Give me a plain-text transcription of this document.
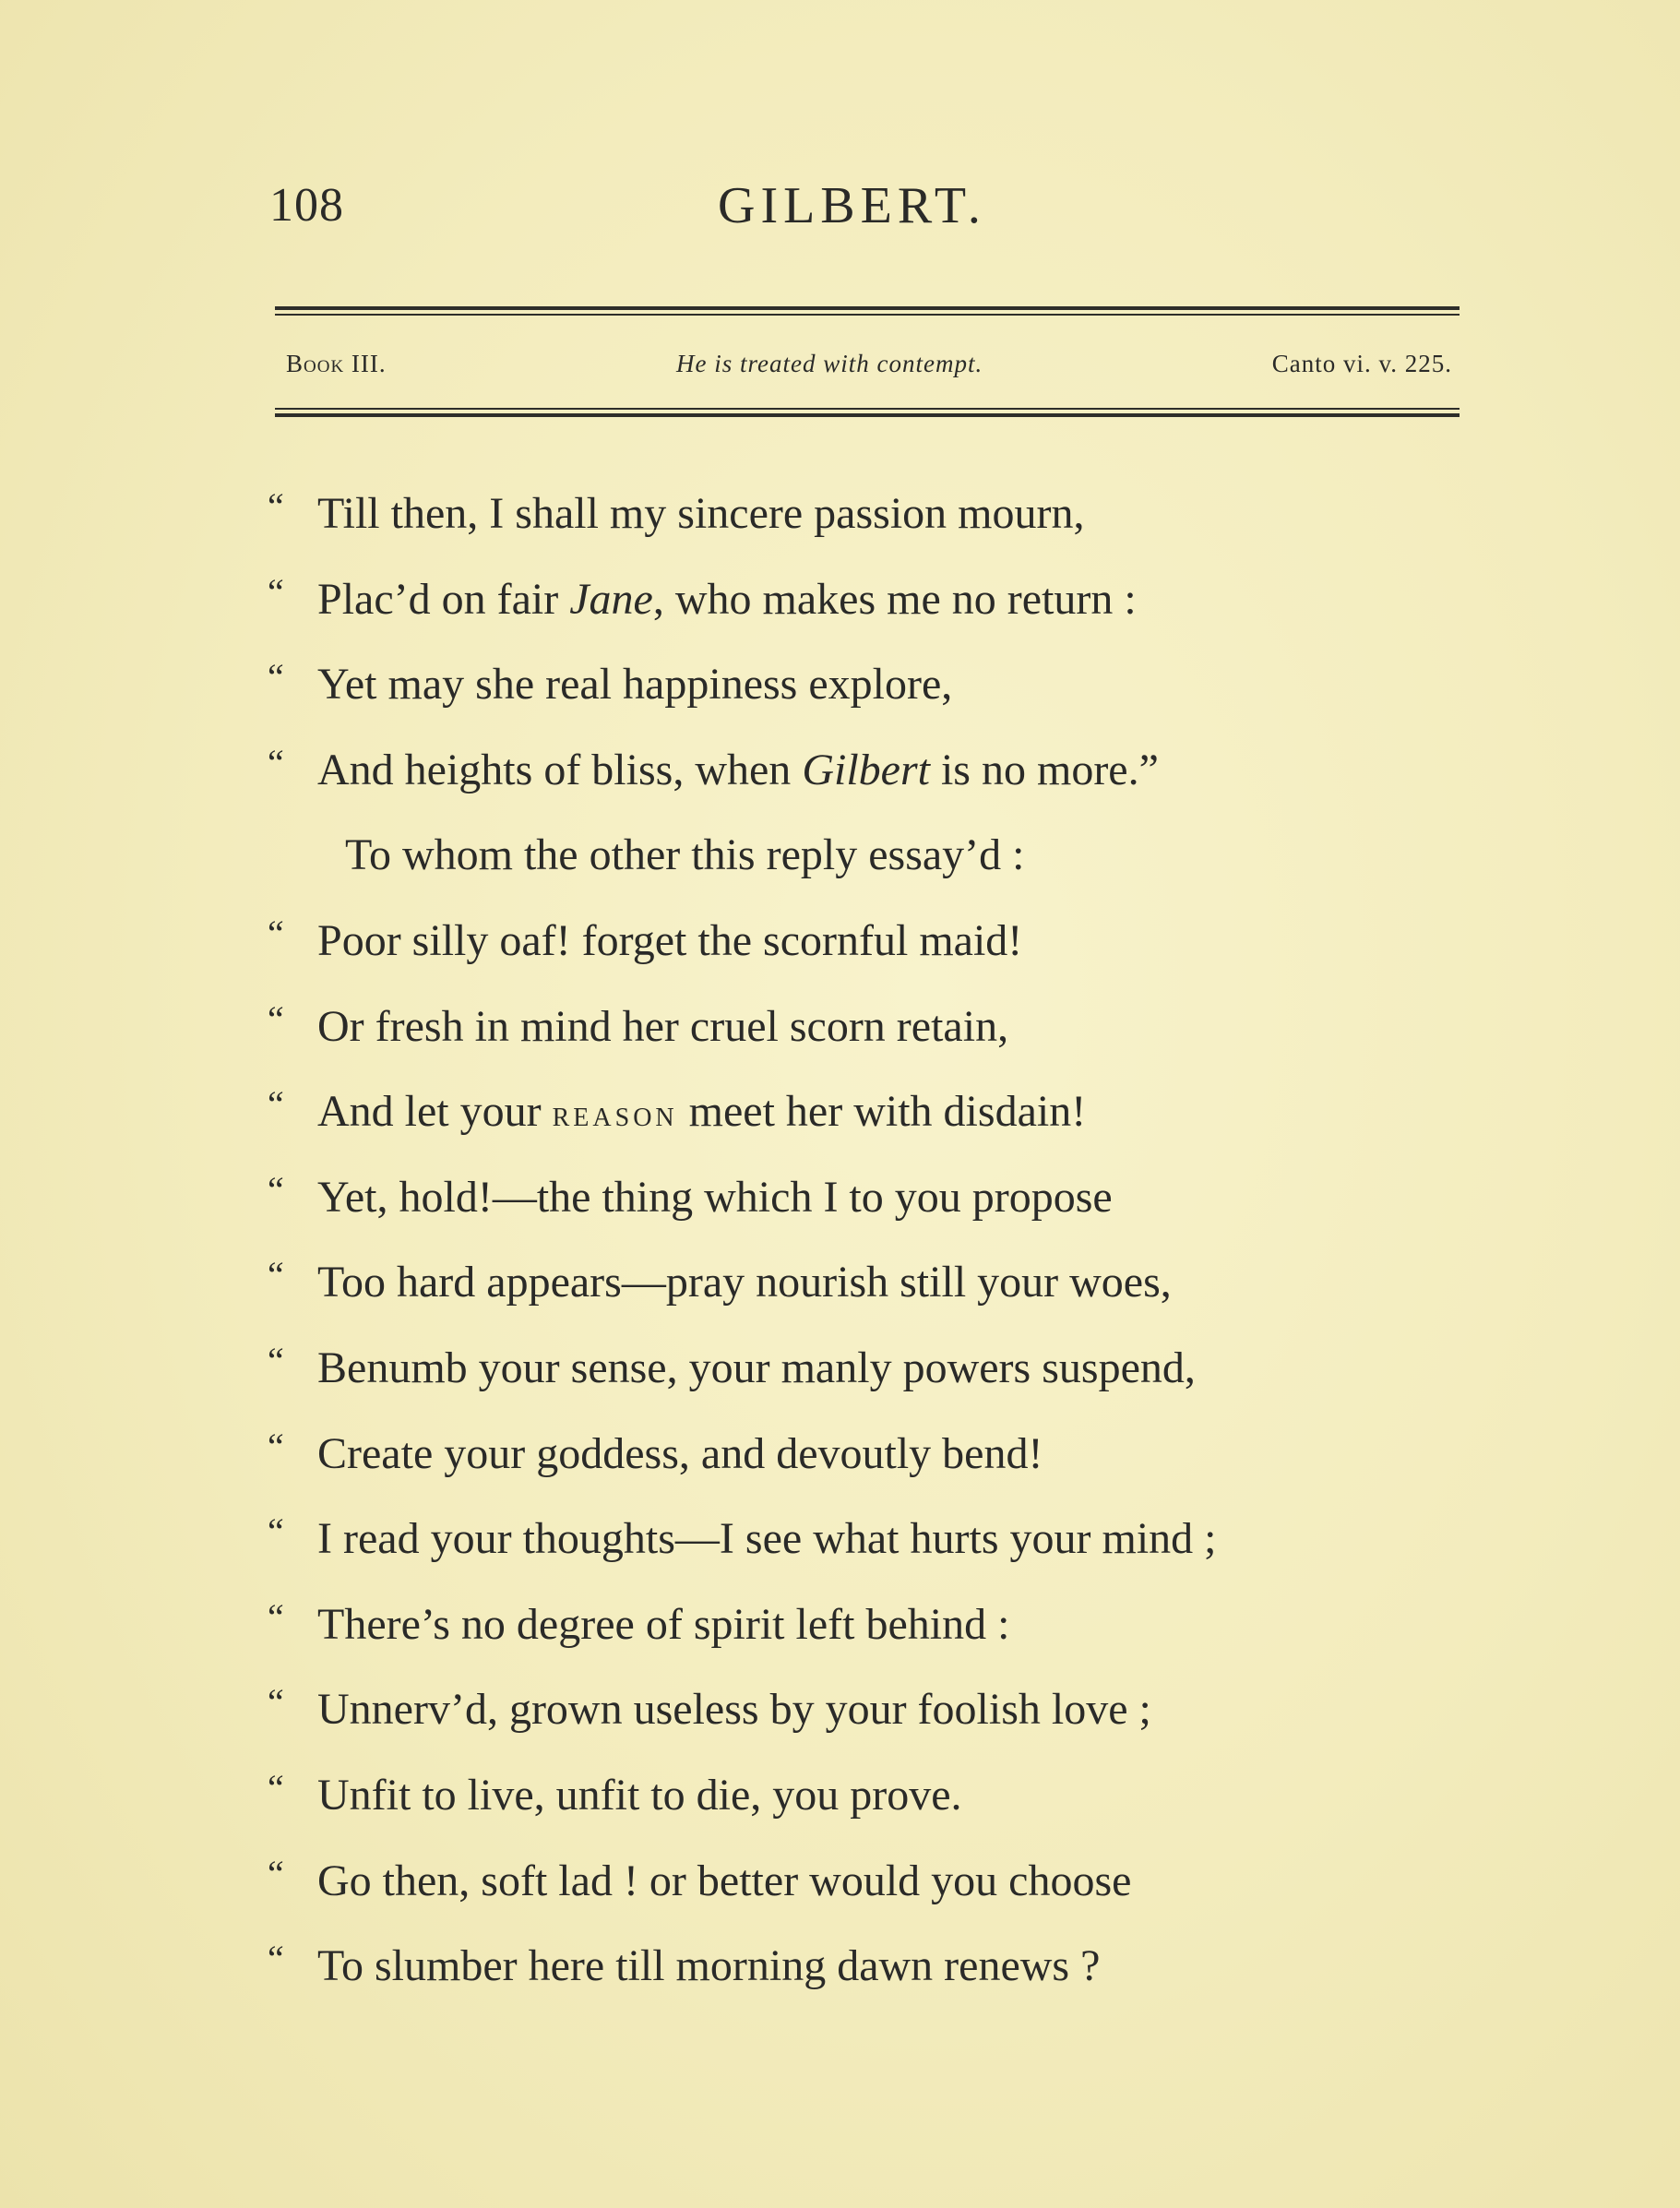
108	GILBERT.
Book III.	He is treated with contempt.	Canto vi. v. 225.
“ Till then, I shall my sincere passion mourn,
“ Plac’d on fair Jane, who makes me no return :
“ Yet may she real happiness explore,
“ And heights of bliss, when Gilbert is no more.”
To whom the other this reply essay’d :
“ Poor silly oaf! forget the scornful maid!
“ Or fresh in mind her cruel scorn retain,
“ And let your reason meet her with disdain!
“ Yet, hold!—the thing which I to you propose
“ Too hard appears—pray nourish still your woes,
“ Benumb your sense, your manly powers suspend,
“ Create your goddess, and devoutly bend!
“ I read your thoughts—I see what hurts your mind ;
“ There’s no degree of spirit left behind :
“ Unnerv’d, grown useless by your foolish love ;
“ Unfit to live, unfit to die, you prove.
“ Go then, soft lad ! or better would you choose
“ To slumber here till morning dawn renews ?
